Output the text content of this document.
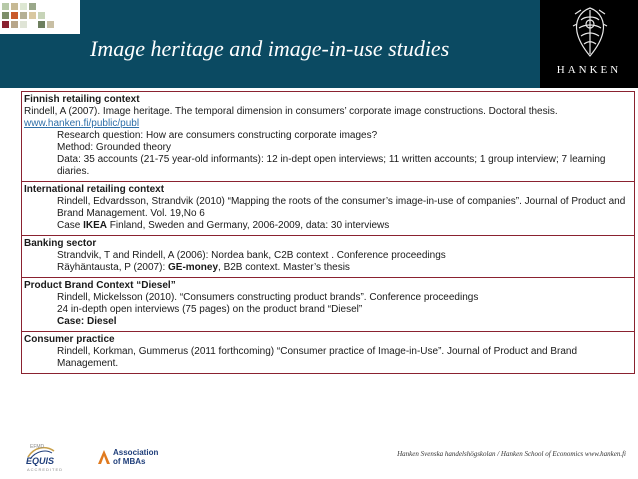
Image heritage and image-in-use studies
HANKEN
Finnish retailing context
Rindell, A (2007). Image heritage. The temporal dimension in consumers’ corporate image constructions. Doctoral thesis.
www.hanken.fi/public/publ
Research question: How are consumers constructing corporate images?
Method: Grounded theory
Data: 35 accounts (21-75 year-old informants): 12 in-dept open interviews; 11 written accounts; 1 group interview; 7 learning diaries.
International retailing context
Rindell, Edvardsson, Strandvik (2010) “Mapping the roots of the consumer’s image-in-use of companies”. Journal of Product and Brand Management. Vol. 19,No 6
Case IKEA Finland, Sweden and Germany, 2006-2009, data: 30 interviews
Banking sector
Strandvik, T and Rindell, A (2006): Nordea bank, C2B context . Conference proceedings
Räyhäntausta, P (2007): GE-money, B2B context. Master’s thesis
Product Brand Context “Diesel”
Rindell, Mickelsson (2010). “Consumers constructing product brands”. Conference proceedings
24 in-depth open interviews (75 pages) on the product brand “Diesel”
Case: Diesel
Consumer practice
Rindell, Korkman, Gummerus (2011 forthcoming) “Consumer practice of Image-in-Use”. Journal of Product and Brand Management.
EFMD
EQUIS
ACCREDITED
Association
of MBAs
Hanken Svenska handelshögskolan / Hanken School of Economics www.hanken.fi
